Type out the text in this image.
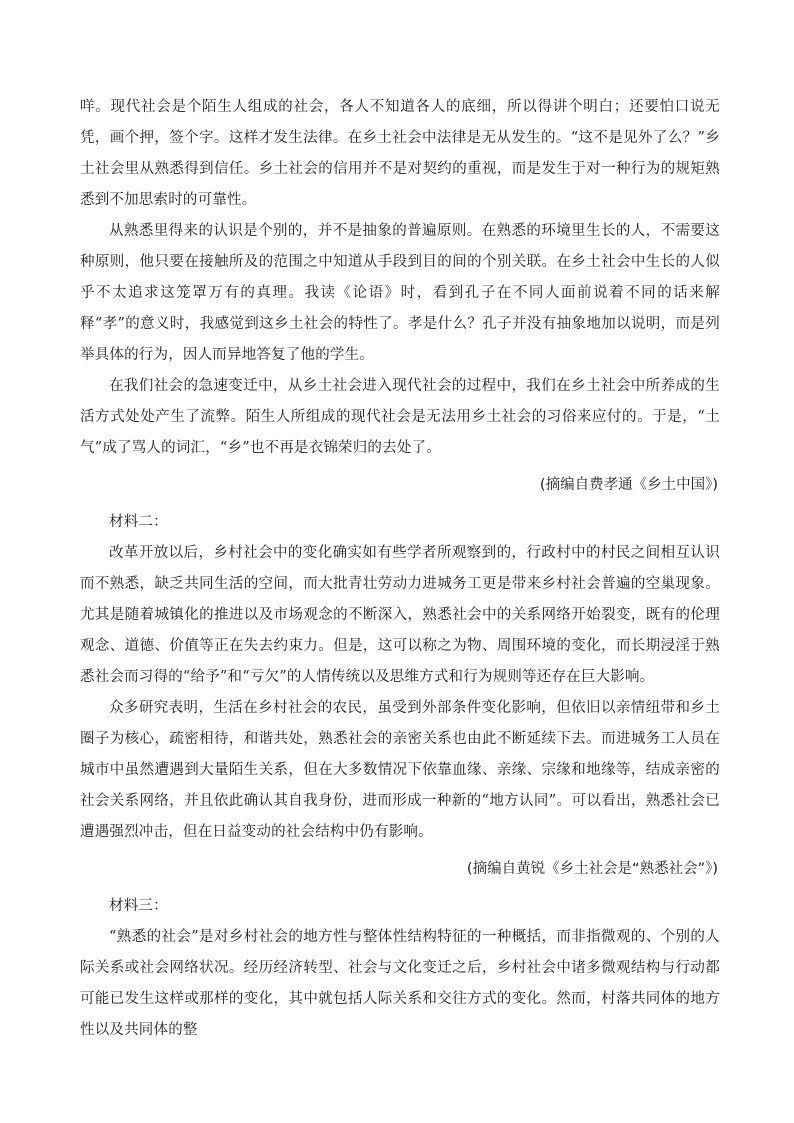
咩。现代社会是个陌生人组成的社会，各人不知道各人的底细，所以得讲个明白；还要怕口说无凭，画个押，签个字。这样才发生法律。在乡土社会中法律是无从发生的。“这不是见外了么？”乡土社会里从熟悉得到信任。乡土社会的信用并不是对契约的重视，而是发生于对一种行为的规矩熟悉到不加思索时的可靠性。

从熟悉里得来的认识是个别的，并不是抽象的普遍原则。在熟悉的环境里生长的人，不需要这种原则，他只要在接触所及的范围之中知道从手段到目的间的个别关联。在乡土社会中生长的人似乎不太追求这笼罩万有的真理。我读《论语》时，看到孔子在不同人面前说着不同的话来解释“孝”的意义时，我感觉到这乡土社会的特性了。孝是什么？孔子并没有抽象地加以说明，而是列举具体的行为，因人而异地答复了他的学生。

在我们社会的急速变迁中，从乡土社会进入现代社会的过程中，我们在乡土社会中所养成的生活方式处处产生了流弊。陌生人所组成的现代社会是无法用乡土社会的习俗来应付的。于是，“土气”成了骂人的词汇，“乡”也不再是衣锦荣归的去处了。

(摘编自费孝通《乡土中国》)

材料二：

改革开放以后，乡村社会中的变化确实如有些学者所观察到的，行政村中的村民之间相互认识而不熟悉，缺乏共同生活的空间，而大批青壮劳动力进城务工更是带来乡村社会普遍的空巢现象。尤其是随着城镇化的推进以及市场观念的不断深入，熟悉社会中的关系网络开始裂变，既有的伦理观念、道德、价值等正在失去约束力。但是，这可以称之为物、周围环境的变化，而长期浸淫于熟悉社会而习得的“给予”和“亏欠”的人情传统以及思维方式和行为规则等还存在巨大影响。

众多研究表明，生活在乡村社会的农民，虽受到外部条件变化影响，但依旧以亲情纽带和乡土圈子为核心，疏密相待，和谐共处，熟悉社会的亲密关系也由此不断延续下去。而进城务工人员在城市中虽然遭遇到大量陌生关系，但在大多数情况下依靠血缘、亲缘、宗缘和地缘等，结成亲密的社会关系网络，并且依此确认其自我身份，进而形成一种新的“地方认同”。可以看出，熟悉社会已遭遇强烈冲击，但在日益变动的社会结构中仍有影响。

(摘编自黄锐《乡土社会是“熟悉社会”》)

材料三：

“熟悉的社会”是对乡村社会的地方性与整体性结构特征的一种概括，而非指微观的、个别的人际关系或社会网络状况。经历经济转型、社会与文化变迁之后，乡村社会中诸多微观结构与行动都可能已发生这样或那样的变化，其中就包括人际关系和交往方式的变化。然而，村落共同体的地方性以及共同体的整
